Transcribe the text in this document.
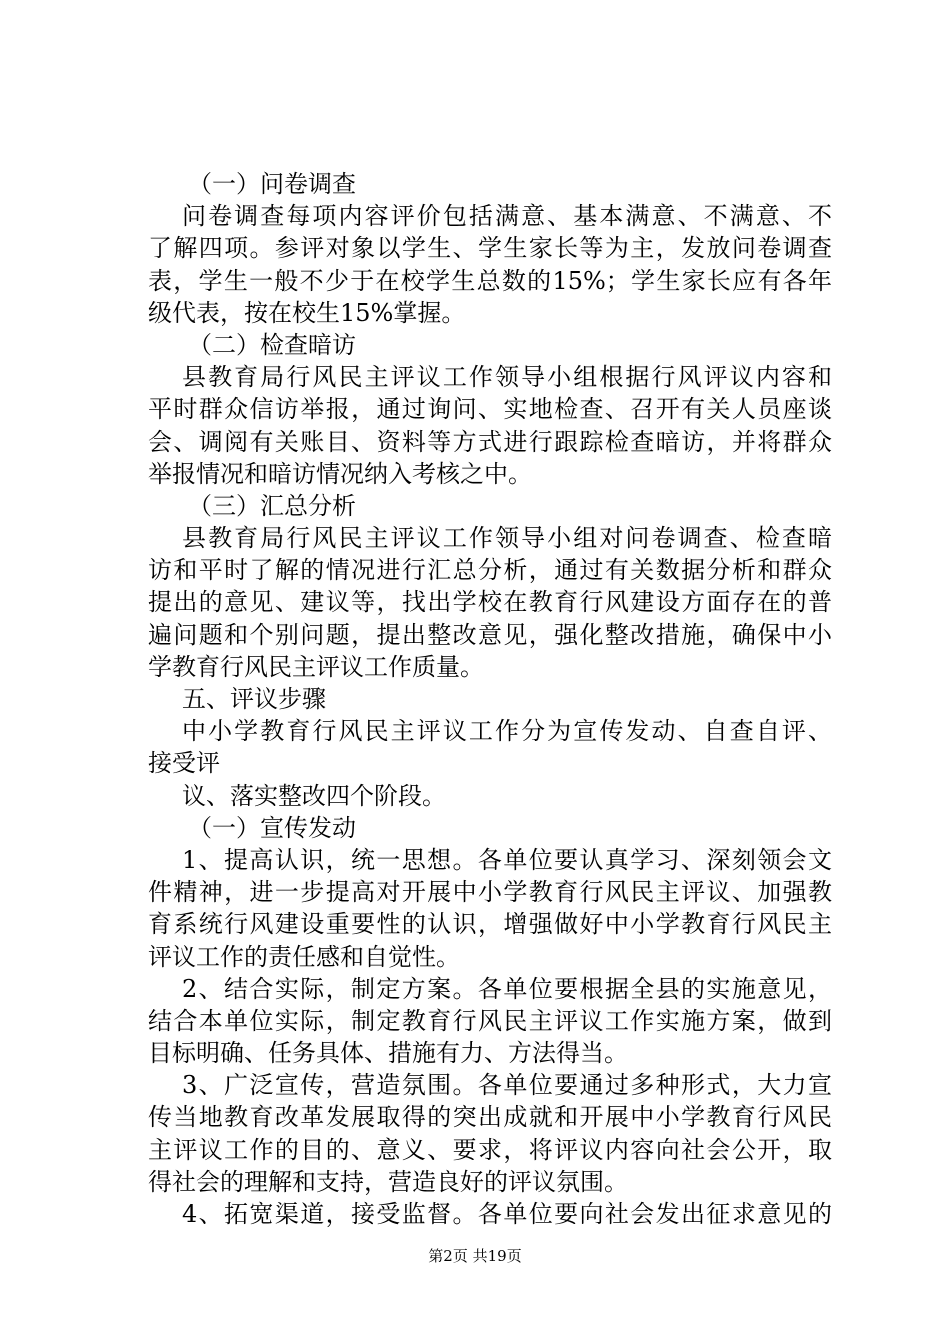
（一）问卷调查
问卷调查每项内容评价包括满意、基本满意、不满意、不
了解四项。参评对象以学生、学生家长等为主，发放问卷调查
表，学生一般不少于在校学生总数的15%；学生家长应有各年
级代表，按在校生15%掌握。
（二）检查暗访
县教育局行风民主评议工作领导小组根据行风评议内容和
平时群众信访举报，通过询问、实地检查、召开有关人员座谈
会、调阅有关账目、资料等方式进行跟踪检查暗访，并将群众
举报情况和暗访情况纳入考核之中。
（三）汇总分析
县教育局行风民主评议工作领导小组对问卷调查、检查暗
访和平时了解的情况进行汇总分析，通过有关数据分析和群众
提出的意见、建议等，找出学校在教育行风建设方面存在的普
遍问题和个别问题，提出整改意见，强化整改措施，确保中小
学教育行风民主评议工作质量。
五、评议步骤
中小学教育行风民主评议工作分为宣传发动、自查自评、
接受评
议、落实整改四个阶段。
（一）宣传发动
1、提高认识，统一思想。各单位要认真学习、深刻领会文
件精神，进一步提高对开展中小学教育行风民主评议、加强教
育系统行风建设重要性的认识，增强做好中小学教育行风民主
评议工作的责任感和自觉性。
2、结合实际，制定方案。各单位要根据全县的实施意见，
结合本单位实际，制定教育行风民主评议工作实施方案，做到
目标明确、任务具体、措施有力、方法得当。
3、广泛宣传，营造氛围。各单位要通过多种形式，大力宣
传当地教育改革发展取得的突出成就和开展中小学教育行风民
主评议工作的目的、意义、要求，将评议内容向社会公开，取
得社会的理解和支持，营造良好的评议氛围。
4、拓宽渠道，接受监督。各单位要向社会发出征求意见的
第2页 共19页
